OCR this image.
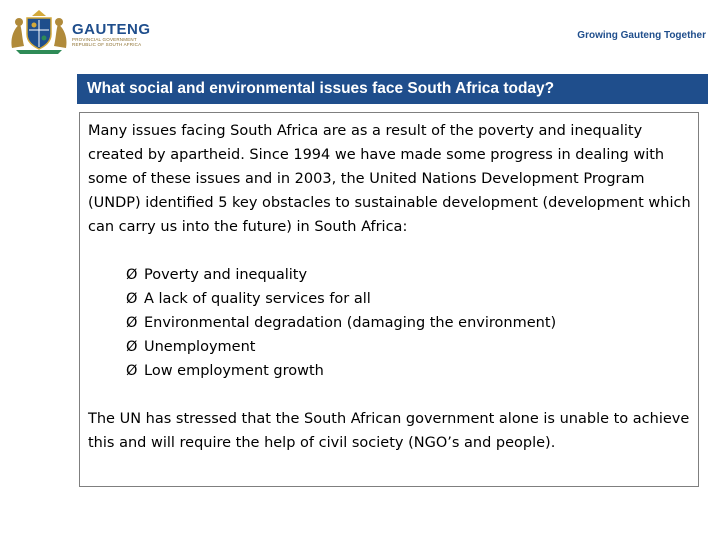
GAUTENG
PROVINCIAL GOVERNMENT
REPUBLIC OF SOUTH AFRICA
Growing Gauteng Together
What social and environmental issues face South Africa today?

Many issues facing South Africa are as a result of the poverty and inequality created by apartheid. Since 1994 we have made some progress in dealing with some of these issues and in 2003, the United Nations Development Program (UNDP) identified 5 key obstacles to sustainable development (development which can carry us into the future) in South Africa:

Ø Poverty and inequality
Ø A lack of quality services for all
Ø Environmental degradation (damaging the environment)
Ø Unemployment
Ø Low employment growth

The UN has stressed that the South African government alone is unable to achieve this and will require the help of civil society (NGO’s and people).
